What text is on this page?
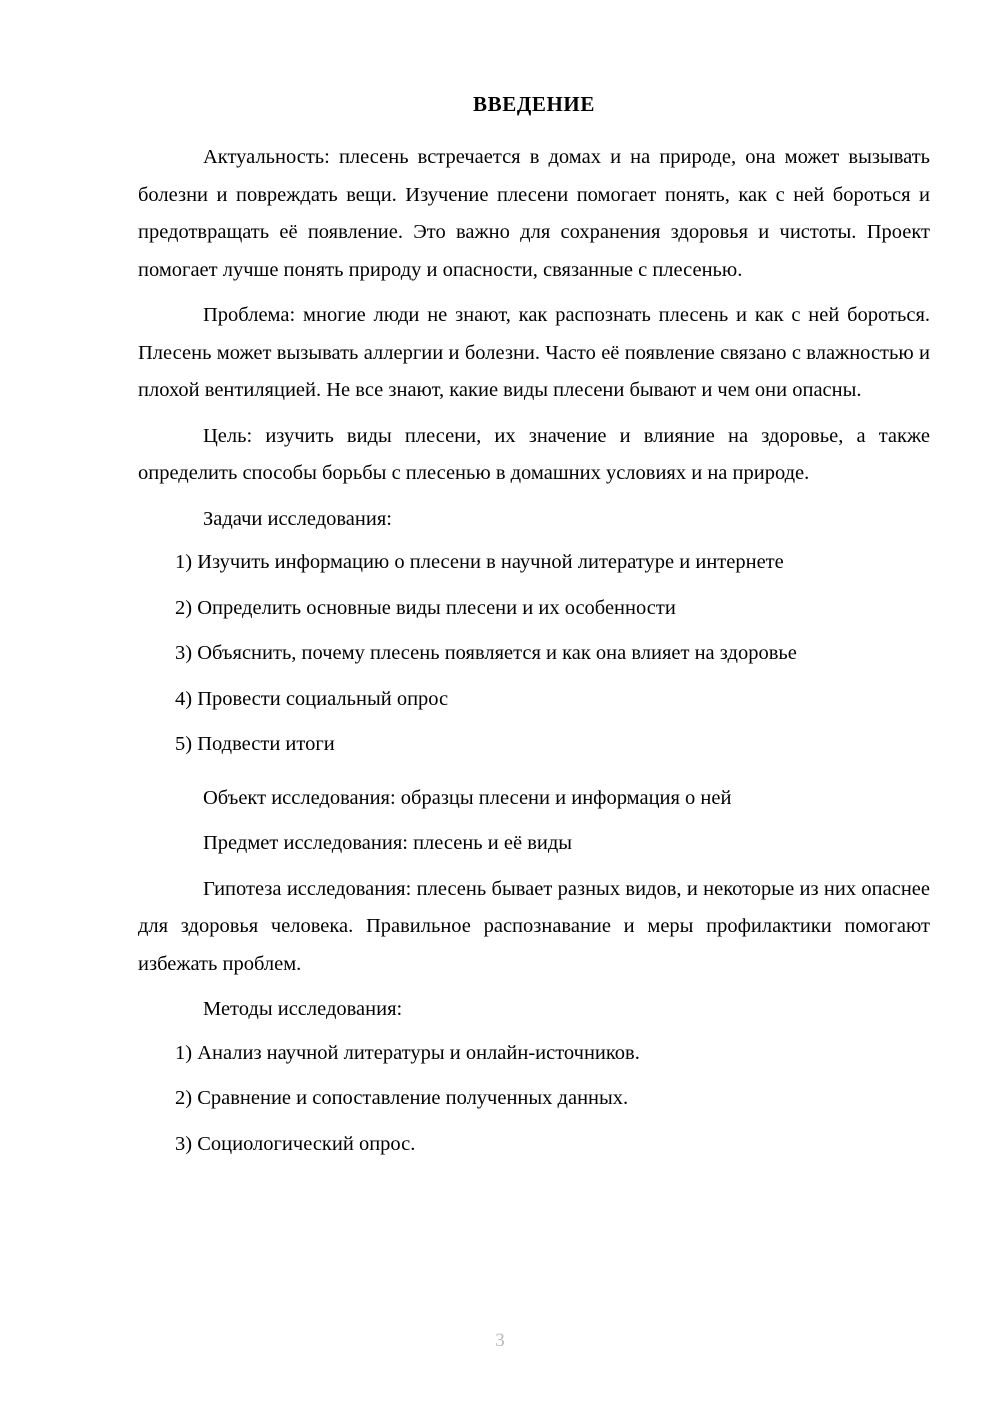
ВВЕДЕНИЕ

Актуальность: плесень встречается в домах и на природе, она может вызывать болезни и повреждать вещи. Изучение плесени помогает понять, как с ней бороться и предотвращать её появление. Это важно для сохранения здоровья и чистоты. Проект помогает лучше понять природу и опасности, связанные с плесенью.

Проблема: многие люди не знают, как распознать плесень и как с ней бороться. Плесень может вызывать аллергии и болезни. Часто её появление связано с влажностью и плохой вентиляцией. Не все знают, какие виды плесени бывают и чем они опасны.

Цель: изучить виды плесени, их значение и влияние на здоровье, а также определить способы борьбы с плесенью в домашних условиях и на природе.

Задачи исследования:

1) Изучить информацию о плесени в научной литературе и интернете
2) Определить основные виды плесени и их особенности
3) Объяснить, почему плесень появляется и как она влияет на здоровье
4) Провести социальный опрос
5) Подвести итоги

Объект исследования: образцы плесени и информация о ней

Предмет исследования: плесень и её виды

Гипотеза исследования: плесень бывает разных видов, и некоторые из них опаснее для здоровья человека. Правильное распознавание и меры профилактики помогают избежать проблем.

Методы исследования:

1) Анализ научной литературы и онлайн-источников.
2) Сравнение и сопоставление полученных данных.
3) Социологический опрос.
3
